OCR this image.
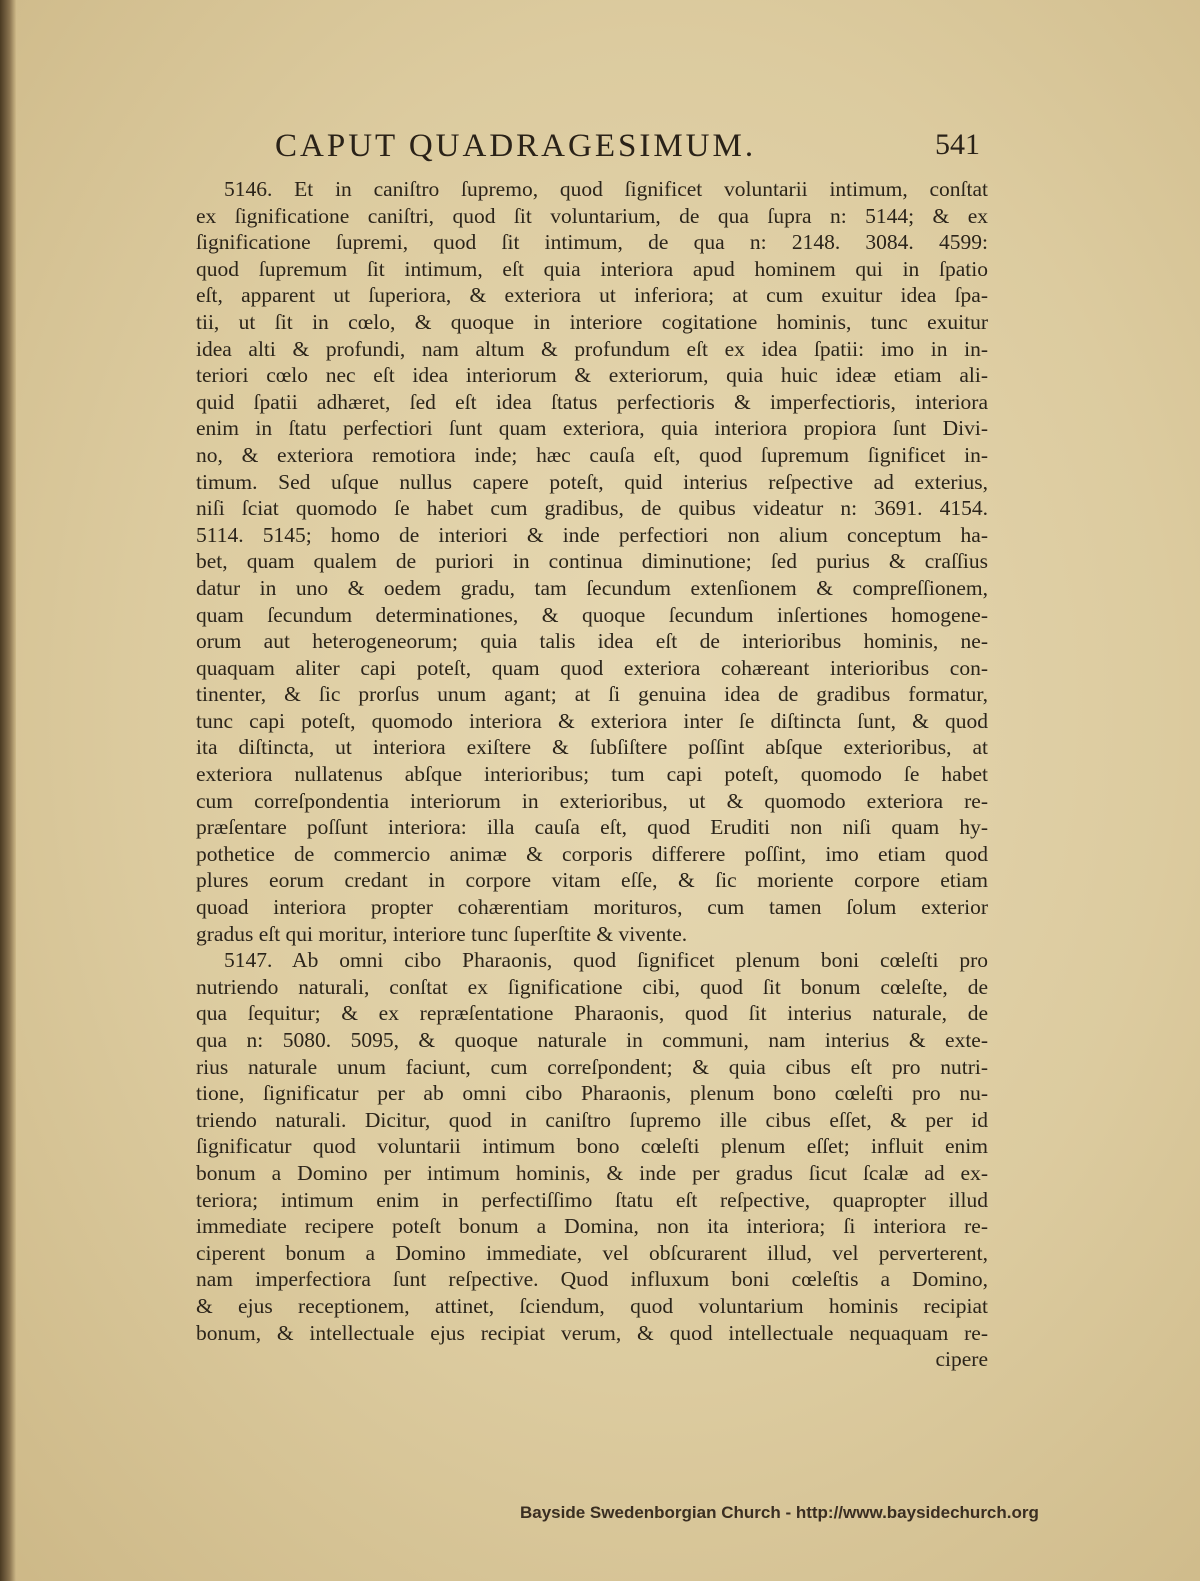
CAPUT QUADRAGESIMUM.	541
5146. Et in caniſtro ſupremo, quod ſignificet voluntarii intimum, conſtat
ex ſignificatione caniſtri, quod ſit voluntarium, de qua ſupra n: 5144; & ex
ſignificatione ſupremi, quod ſit intimum, de qua n: 2148. 3084. 4599:
quod ſupremum ſit intimum, eſt quia interiora apud hominem qui in ſpatio
eſt, apparent ut ſuperiora, & exteriora ut inferiora; at cum exuitur idea ſpa-
tii, ut ſit in cœlo, & quoque in interiore cogitatione hominis, tunc exuitur
idea alti & profundi, nam altum & profundum eſt ex idea ſpatii: imo in in-
teriori cœlo nec eſt idea interiorum & exteriorum, quia huic ideæ etiam ali-
quid ſpatii adhæret, ſed eſt idea ſtatus perfectioris & imperfectioris, interiora
enim in ſtatu perfectiori ſunt quam exteriora, quia interiora propiora ſunt Divi-
no, & exteriora remotiora inde; hæc cauſa eſt, quod ſupremum ſignificet in-
timum. Sed uſque nullus capere poteſt, quid interius reſpective ad exterius,
niſi ſciat quomodo ſe habet cum gradibus, de quibus videatur n: 3691. 4154.
5114. 5145; homo de interiori & inde perfectiori non alium conceptum ha-
bet, quam qualem de puriori in continua diminutione; ſed purius & craſſius
datur in uno & oedem gradu, tam ſecundum extenſionem & compreſſionem,
quam ſecundum determinationes, & quoque ſecundum inſertiones homogene-
orum aut heterogeneorum; quia talis idea eſt de interioribus hominis, ne-
quaquam aliter capi poteſt, quam quod exteriora cohæreant interioribus con-
tinenter, & ſic prorſus unum agant; at ſi genuina idea de gradibus formatur,
tunc capi poteſt, quomodo interiora & exteriora inter ſe diſtincta ſunt, & quod
ita diſtincta, ut interiora exiſtere & ſubſiſtere poſſint abſque exterioribus, at
exteriora nullatenus abſque interioribus; tum capi poteſt, quomodo ſe habet
cum correſpondentia interiorum in exterioribus, ut & quomodo exteriora re-
præſentare poſſunt interiora: illa cauſa eſt, quod Eruditi non niſi quam hy-
pothetice de commercio animæ & corporis differere poſſint, imo etiam quod
plures eorum credant in corpore vitam eſſe, & ſic moriente corpore etiam
quoad interiora propter cohærentiam morituros, cum tamen ſolum exterior
gradus eſt qui moritur, interiore tunc ſuperſtite & vivente.
5147. Ab omni cibo Pharaonis, quod ſignificet plenum boni cœleſti pro
nutriendo naturali, conſtat ex ſignificatione cibi, quod ſit bonum cœleſte, de
qua ſequitur; & ex repræſentatione Pharaonis, quod ſit interius naturale, de
qua n: 5080. 5095, & quoque naturale in communi, nam interius & exte-
rius naturale unum faciunt, cum correſpondent; & quia cibus eſt pro nutri-
tione, ſignificatur per ab omni cibo Pharaonis, plenum bono cœleſti pro nu-
triendo naturali. Dicitur, quod in caniſtro ſupremo ille cibus eſſet, & per id
ſignificatur quod voluntarii intimum bono cœleſti plenum eſſet; influit enim
bonum a Domino per intimum hominis, & inde per gradus ſicut ſcalæ ad ex-
teriora; intimum enim in perfectiſſimo ſtatu eſt reſpective, quapropter illud
immediate recipere poteſt bonum a Domina, non ita interiora; ſi interiora re-
ciperent bonum a Domino immediate, vel obſcurarent illud, vel perverterent,
nam imperfectiora ſunt reſpective. Quod influxum boni cœleſtis a Domino,
& ejus receptionem, attinet, ſciendum, quod voluntarium hominis recipiat
bonum, & intellectuale ejus recipiat verum, & quod intellectuale nequaquam re-
cipere
Bayside Swedenborgian Church - http://www.baysidechurch.org
